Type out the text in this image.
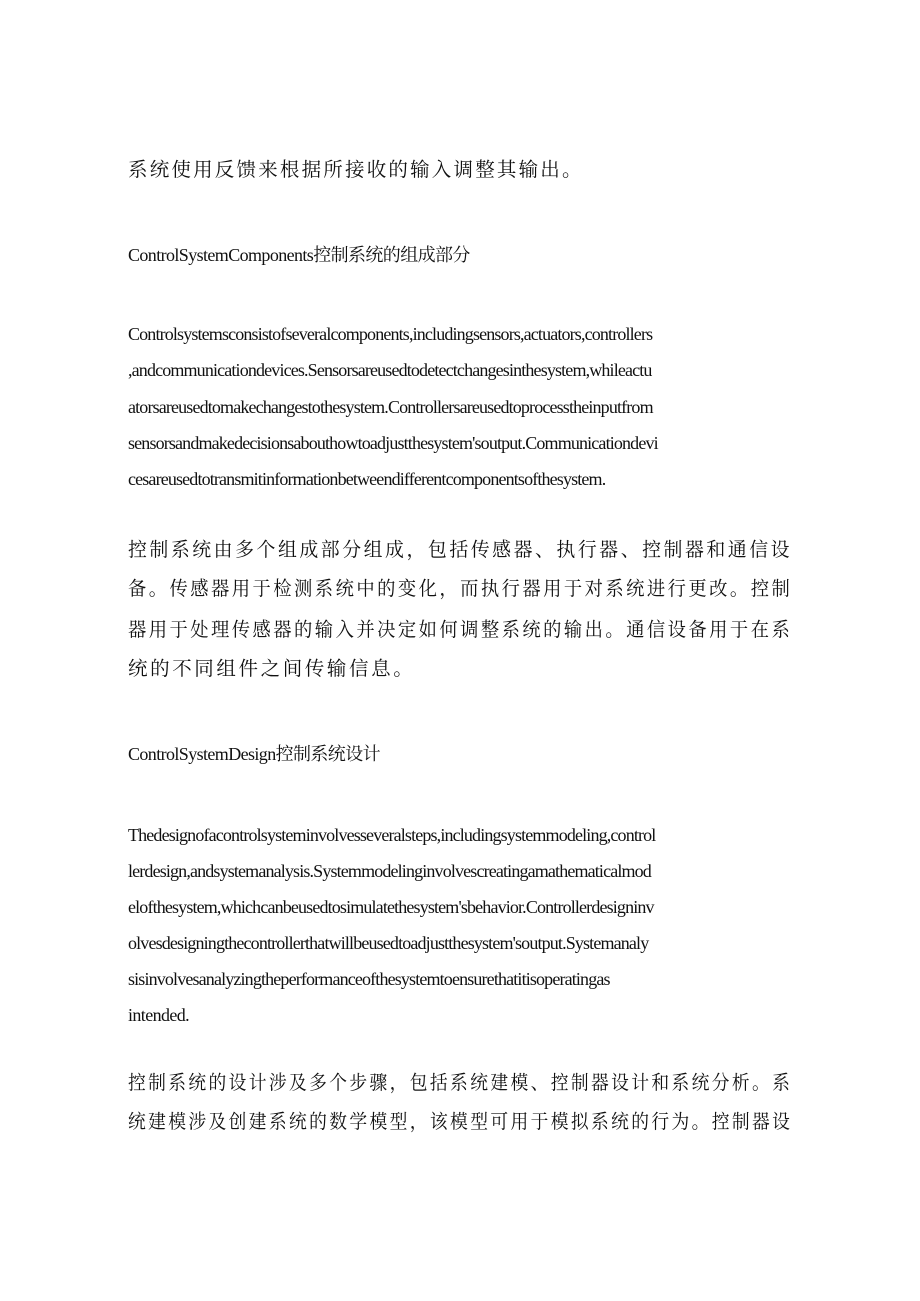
系统使用反馈来根据所接收的输入调整其输出。
ControlSystemComponents控制系统的组成部分
Controlsystemsconsistofseveralcomponents,includingsensors,actuators,controllers
,andcommunicationdevices.Sensorsareusedtodetectchangesinthesystem,whileactu
atorsareusedtomakechangestothesystem.Controllersareusedtoprocesstheinputfrom
sensorsandmakedecisionsabouthowtoadjustthesystem'soutput.Communicationdevi
cesareusedtotransmitinformationbetweendifferentcomponentsofthesystem.
控制系统由多个组成部分组成，包括传感器、执行器、控制器和通信设
备。传感器用于检测系统中的变化，而执行器用于对系统进行更改。控制
器用于处理传感器的输入并决定如何调整系统的输出。通信设备用于在系
统的不同组件之间传输信息。
ControlSystemDesign控制系统设计
Thedesignofacontrolsysteminvolvesseveralsteps,includingsystemmodeling,control
lerdesign,andsystemanalysis.Systemmodelinginvolvescreatingamathematicalmod
elofthesystem,whichcanbeusedtosimulatethesystem'sbehavior.Controllerdesigninv
olvesdesigningthecontrollerthatwillbeusedtoadjustthesystem'soutput.Systemanaly
sisinvolvesanalyzingtheperformanceofthesystemtoensurethatitisoperatingas
intended.
控制系统的设计涉及多个步骤，包括系统建模、控制器设计和系统分析。系
统建模涉及创建系统的数学模型，该模型可用于模拟系统的行为。控制器设
